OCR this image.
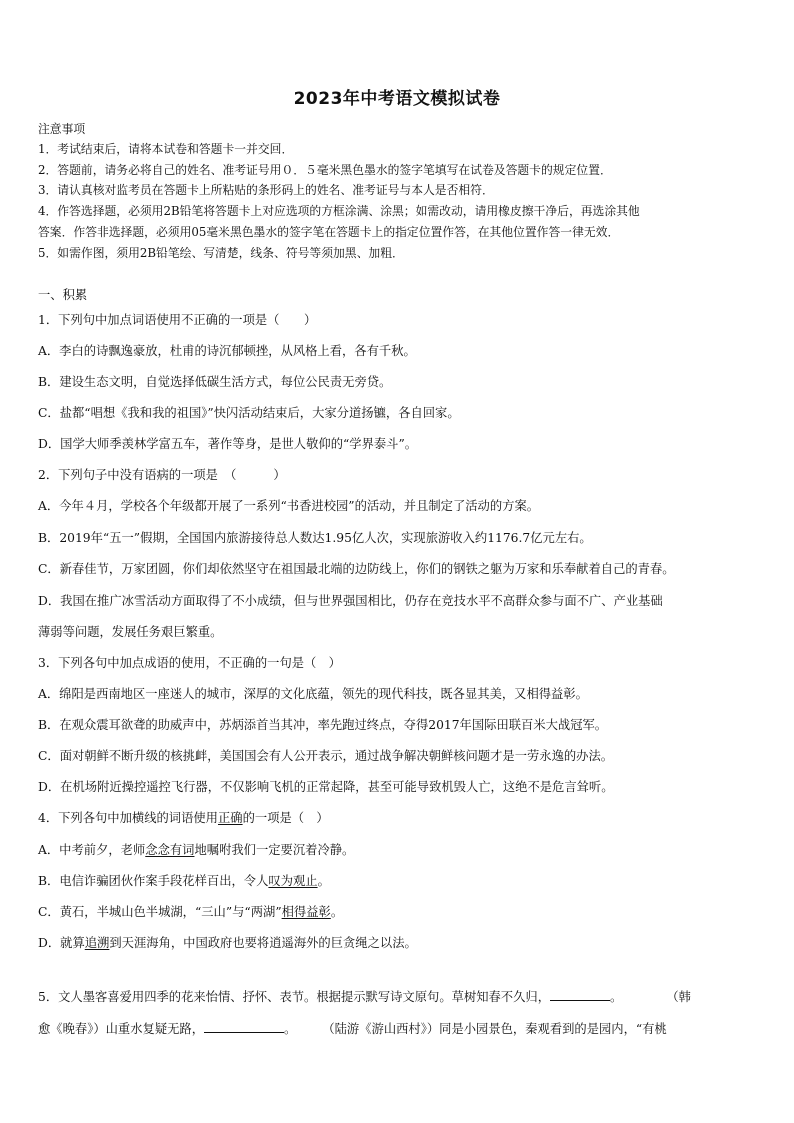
2023年中考语文模拟试卷
注意事项
1．考试结束后，请将本试卷和答题卡一并交回．
2．答题前，请务必将自己的姓名、准考证号用０．５毫米黑色墨水的签字笔填写在试卷及答题卡的规定位置．
3．请认真核对监考员在答题卡上所粘贴的条形码上的姓名、准考证号与本人是否相符．
4．作答选择题，必须用2B铅笔将答题卡上对应选项的方框涂满、涂黑；如需改动，请用橡皮擦干净后，再选涂其他
答案．作答非选择题，必须用05毫米黑色墨水的签字笔在答题卡上的指定位置作答，在其他位置作答一律无效．
5．如需作图，须用2B铅笔绘、写清楚，线条、符号等须加黑、加粗．
一、积累
1．下列句中加点词语使用不正确的一项是（　　）
A．李白的诗飘逸豪放，杜甫的诗沉郁顿挫，从风格上看，各有千秋。
B．建设生态文明，自觉选择低碳生活方式，每位公民责无旁贷。
C．盐都“唱想《我和我的祖国》”快闪活动结束后，大家分道扬镳，各自回家。
D．国学大师季羡林学富五车，著作等身，是世人敬仰的“学界泰斗”。
2．下列句子中没有语病的一项是　（　　　）
A．今年４月，学校各个年级都开展了一系列“书香进校园”的活动，并且制定了活动的方案。
B．2019年“五一”假期，全国国内旅游接待总人数达1.95亿人次，实现旅游收入约1176.7亿元左右。
C．新春佳节，万家团圆，你们却依然坚守在祖国最北端的边防线上，你们的钢铁之躯为万家和乐奉献着自己的青春。
D．我国在推广冰雪活动方面取得了不小成绩，但与世界强国相比，仍存在竞技水平不高群众参与面不广、产业基础
薄弱等问题，发展任务艰巨繁重。
3．下列各句中加点成语的使用，不正确的一句是（　）
A．绵阳是西南地区一座迷人的城市，深厚的文化底蕴，领先的现代科技，既各显其美，又相得益彰。
B．在观众震耳欲聋的助威声中，苏炳添首当其冲，率先跑过终点，夺得2017年国际田联百米大战冠军。
C．面对朝鲜不断升级的核挑衅，美国国会有人公开表示，通过战争解决朝鲜核问题才是一劳永逸的办法。
D．在机场附近操控遥控飞行器，不仅影响飞机的正常起降，甚至可能导致机毁人亡，这绝不是危言耸听。
4．下列各句中加横线的词语使用正确的一项是（　）
A．中考前夕，老师念念有词地嘱咐我们一定要沉着冷静。
B．电信诈骗团伙作案手段花样百出，令人叹为观止。
C．黄石，半城山色半城湖，“三山”与“两湖”相得益彰。
D．就算追溯到天涯海角，中国政府也要将逍遥海外的巨贪绳之以法。
5．文人墨客喜爱用四季的花来怡情、抒怀、表节。根据提示默写诗文原句。草树知春不久归，	。	（韩
愈《晚春》）山重水复疑无路，	。 （陆游《游山西村》）同是小园景色，秦观看到的是园内，“有桃
